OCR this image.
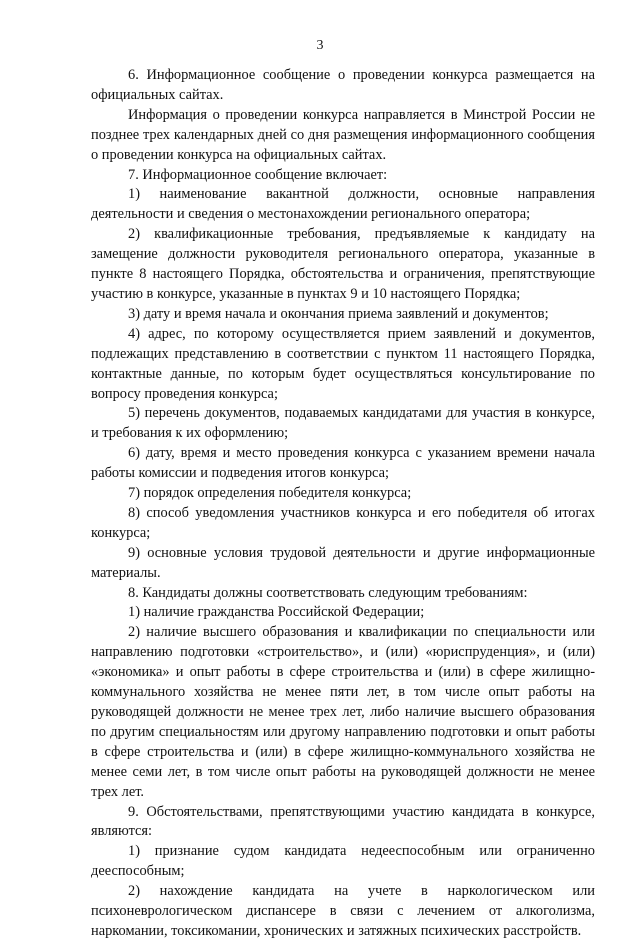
3

6. Информационное сообщение о проведении конкурса размещается на официальных сайтах.

Информация о проведении конкурса направляется в Минстрой России не позднее трех календарных дней со дня размещения информационного сообщения о проведении конкурса на официальных сайтах.

7. Информационное сообщение включает:

1) наименование вакантной должности, основные направления деятельности и сведения о местонахождении регионального оператора;

2) квалификационные требования, предъявляемые к кандидату на замещение должности руководителя регионального оператора, указанные в пункте 8 настоящего Порядка, обстоятельства и ограничения, препятствующие участию в конкурсе, указанные в пунктах 9 и 10 настоящего Порядка;

3) дату и время начала и окончания приема заявлений и документов;

4) адрес, по которому осуществляется прием заявлений и документов, подлежащих представлению в соответствии с пунктом 11 настоящего Порядка, контактные данные, по которым будет осуществляться консультирование по вопросу проведения конкурса;

5) перечень документов, подаваемых кандидатами для участия в конкурсе, и требования к их оформлению;

6) дату, время и место проведения конкурса с указанием времени начала работы комиссии и подведения итогов конкурса;

7) порядок определения победителя конкурса;

8) способ уведомления участников конкурса и его победителя об итогах конкурса;

9) основные условия трудовой деятельности и другие информационные материалы.

8. Кандидаты должны соответствовать следующим требованиям:

1) наличие гражданства Российской Федерации;

2) наличие высшего образования и квалификации по специальности или направлению подготовки «строительство», и (или) «юриспруденция», и (или) «экономика» и опыт работы в сфере строительства и (или) в сфере жилищно-коммунального хозяйства не менее пяти лет, в том числе опыт работы на руководящей должности не менее трех лет, либо наличие высшего образования по другим специальностям или другому направлению подготовки и опыт работы в сфере строительства и (или) в сфере жилищно-коммунального хозяйства не менее семи лет, в том числе опыт работы на руководящей должности не менее трех лет.

9. Обстоятельствами, препятствующими участию кандидата в конкурсе, являются:

1) признание судом кандидата недееспособным или ограниченно дееспособным;

2) нахождение кандидата на учете в наркологическом или психоневрологическом диспансере в связи с лечением от алкоголизма, наркомании, токсикомании, хронических и затяжных психических расстройств.
